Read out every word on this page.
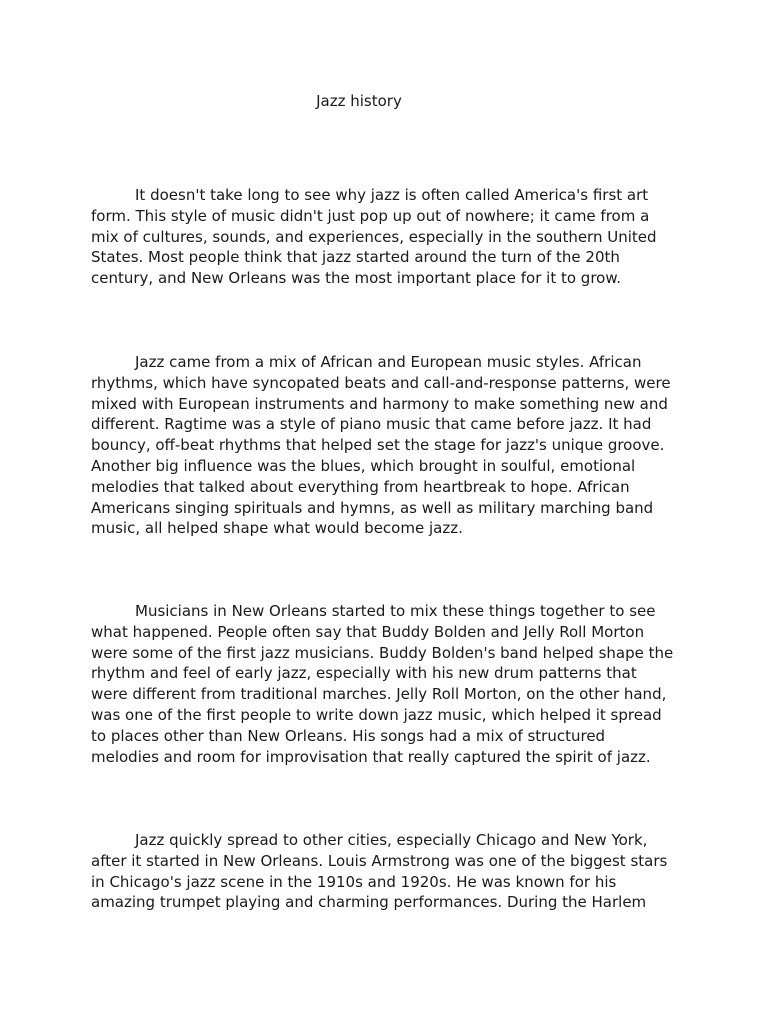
Jazz history

It doesn't take long to see why jazz is often called America's first art form. This style of music didn't just pop up out of nowhere; it came from a mix of cultures, sounds, and experiences, especially in the southern United States. Most people think that jazz started around the turn of the 20th century, and New Orleans was the most important place for it to grow.

Jazz came from a mix of African and European music styles. African rhythms, which have syncopated beats and call-and-response patterns, were mixed with European instruments and harmony to make something new and different. Ragtime was a style of piano music that came before jazz. It had bouncy, off-beat rhythms that helped set the stage for jazz's unique groove. Another big influence was the blues, which brought in soulful, emotional melodies that talked about everything from heartbreak to hope. African Americans singing spirituals and hymns, as well as military marching band music, all helped shape what would become jazz.

Musicians in New Orleans started to mix these things together to see what happened. People often say that Buddy Bolden and Jelly Roll Morton were some of the first jazz musicians. Buddy Bolden's band helped shape the rhythm and feel of early jazz, especially with his new drum patterns that were different from traditional marches. Jelly Roll Morton, on the other hand, was one of the first people to write down jazz music, which helped it spread to places other than New Orleans. His songs had a mix of structured melodies and room for improvisation that really captured the spirit of jazz.

Jazz quickly spread to other cities, especially Chicago and New York, after it started in New Orleans. Louis Armstrong was one of the biggest stars in Chicago's jazz scene in the 1910s and 1920s. He was known for his amazing trumpet playing and charming performances. During the Harlem
